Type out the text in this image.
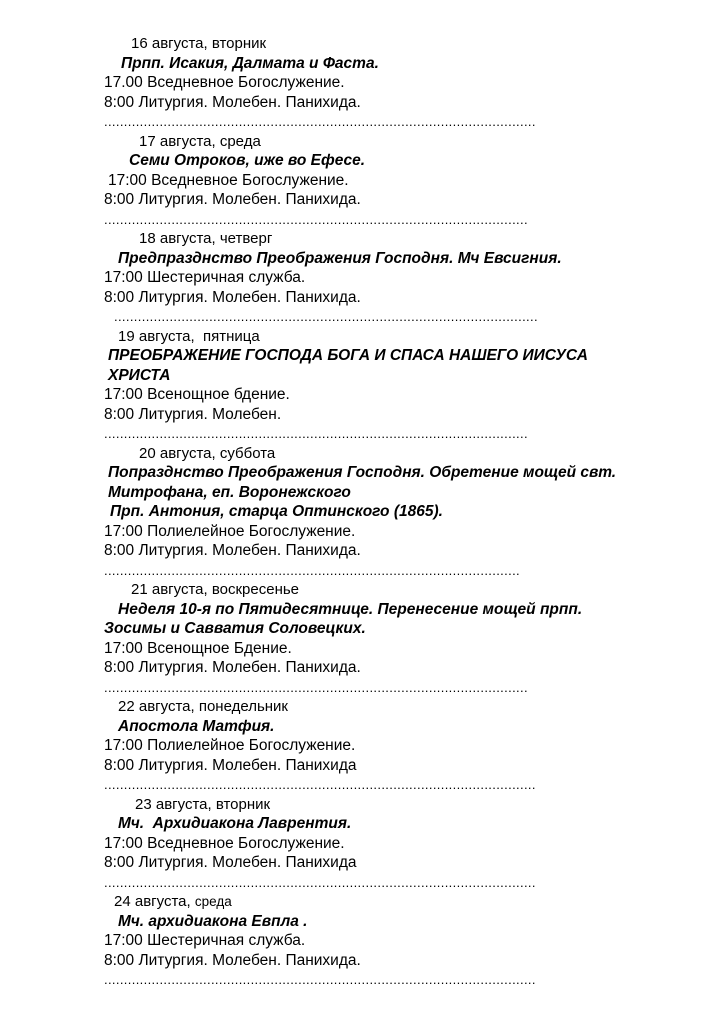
16 августа, вторник
Прпп. Исакия, Далмата и Фаста.
17.00 Вседневное Богослужение.
8:00 Литургия. Молебен. Панихида.
.............................................................................................................
17 августа, среда
Семи Отроков, иже во Ефесе.
17:00 Вседневное Богослужение.
8:00 Литургия. Молебен. Панихида.
...........................................................................................................
18 августа, четверг
Предпразднство Преображения Господня. Мч Евсигния.
17:00 Шестеричная служба.
8:00 Литургия. Молебен. Панихида.
...........................................................................................................
19 августа,  пятница
ПРЕОБРАЖЕНИЕ ГОСПОДА БОГА И СПАСА НАШЕГО ИИСУСА
ХРИСТА
17:00 Всенощное бдение.
8:00 Литургия. Молебен.
...........................................................................................................
20 августа, суббота
Попразднство Преображения Господня. Обретение мощей свт.
Митрофана, еп. Воронежского
Прп. Антония, старца Оптинского (1865).
17:00 Полиелейное Богослужение.
8:00 Литургия. Молебен. Панихида.
.........................................................................................................
21 августа, воскресенье
Неделя 10-я по Пятидесятнице. Перенесение мощей прпп.
Зосимы и Савватия Соловецких.
17:00 Всенощное Бдение.
8:00 Литургия. Молебен. Панихида.
...........................................................................................................
22 августа, понедельник
Апостола Матфия.
17:00 Полиелейное Богослужение.
8:00 Литургия. Молебен. Панихида
.............................................................................................................
23 августа, вторник
Мч.  Архидиакона Лаврентия.
17:00 Вседневное Богослужение.
8:00 Литургия. Молебен. Панихида
.............................................................................................................
24 августа, среда
Мч. архидиакона Евпла .
17:00 Шестеричная служба.
8:00 Литургия. Молебен. Панихида.
.............................................................................................................
